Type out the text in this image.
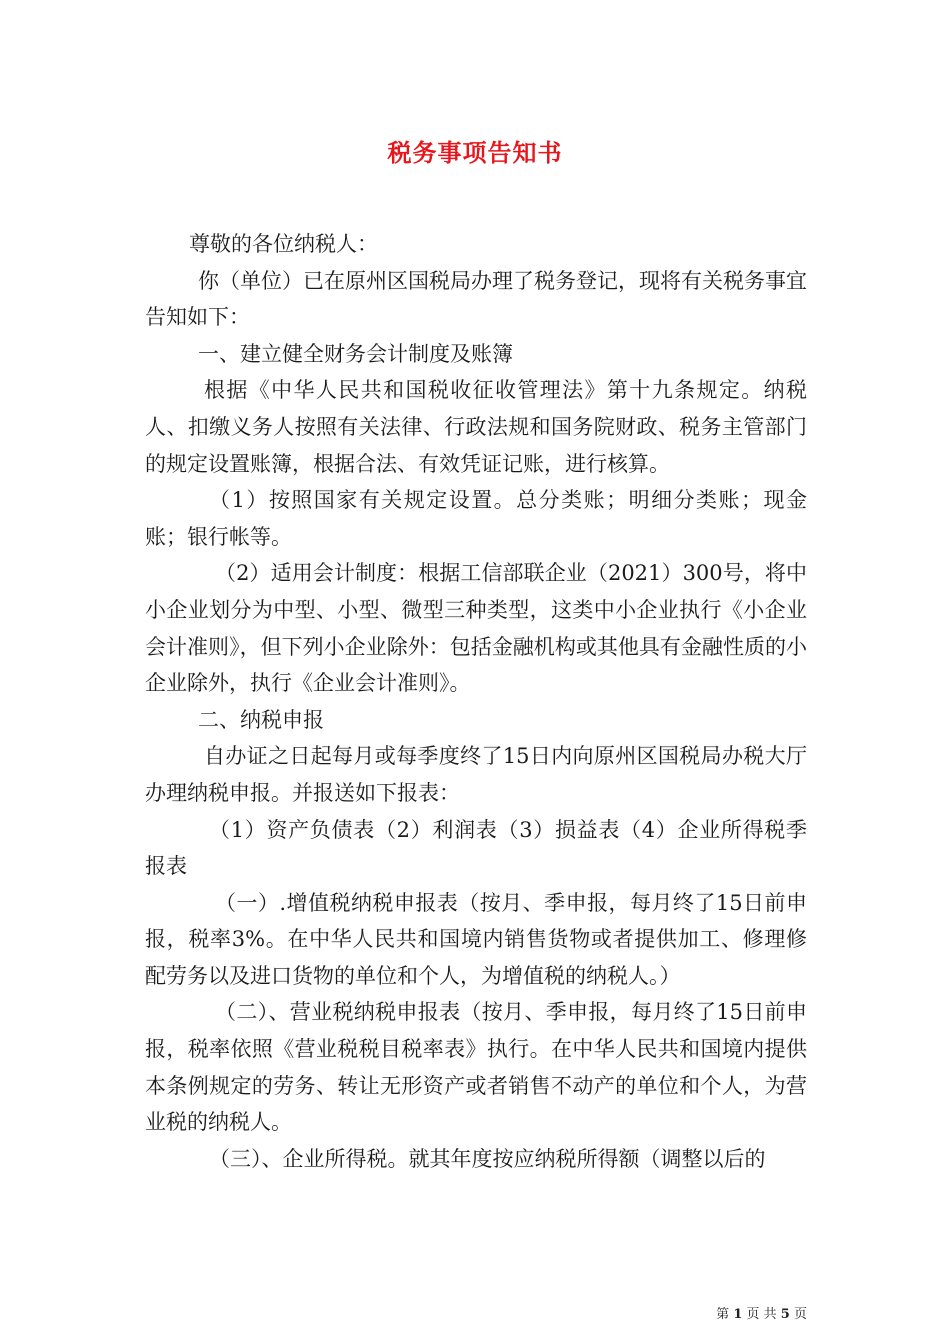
税务事项告知书

尊敬的各位纳税人：

你（单位）已在原州区国税局办理了税务登记，现将有关税务事宜告知如下：

一、建立健全财务会计制度及账簿

根据《中华人民共和国税收征收管理法》第十九条规定。纳税人、扣缴义务人按照有关法律、行政法规和国务院财政、税务主管部门的规定设置账簿，根据合法、有效凭证记账，进行核算。

（1）按照国家有关规定设置。总分类账；明细分类账；现金账；银行帐等。

（2）适用会计制度：根据工信部联企业（2021）300号，将中小企业划分为中型、小型、微型三种类型，这类中小企业执行《小企业会计准则》，但下列小企业除外：包括金融机构或其他具有金融性质的小企业除外，执行《企业会计准则》。

二、纳税申报

自办证之日起每月或每季度终了15日内向原州区国税局办税大厅办理纳税申报。并报送如下报表：

（1）资产负债表（2）利润表（3）损益表（4）企业所得税季报表

（一）.增值税纳税申报表（按月、季申报，每月终了15日前申报，税率3%。在中华人民共和国境内销售货物或者提供加工、修理修配劳务以及进口货物的单位和个人，为增值税的纳税人。）

（二）、营业税纳税申报表（按月、季申报，每月终了15日前申报，税率依照《营业税税目税率表》执行。在中华人民共和国境内提供本条例规定的劳务、转让无形资产或者销售不动产的单位和个人，为营业税的纳税人。

（三）、企业所得税。就其年度按应纳税所得额（调整以后的

第 1 页 共 5 页
